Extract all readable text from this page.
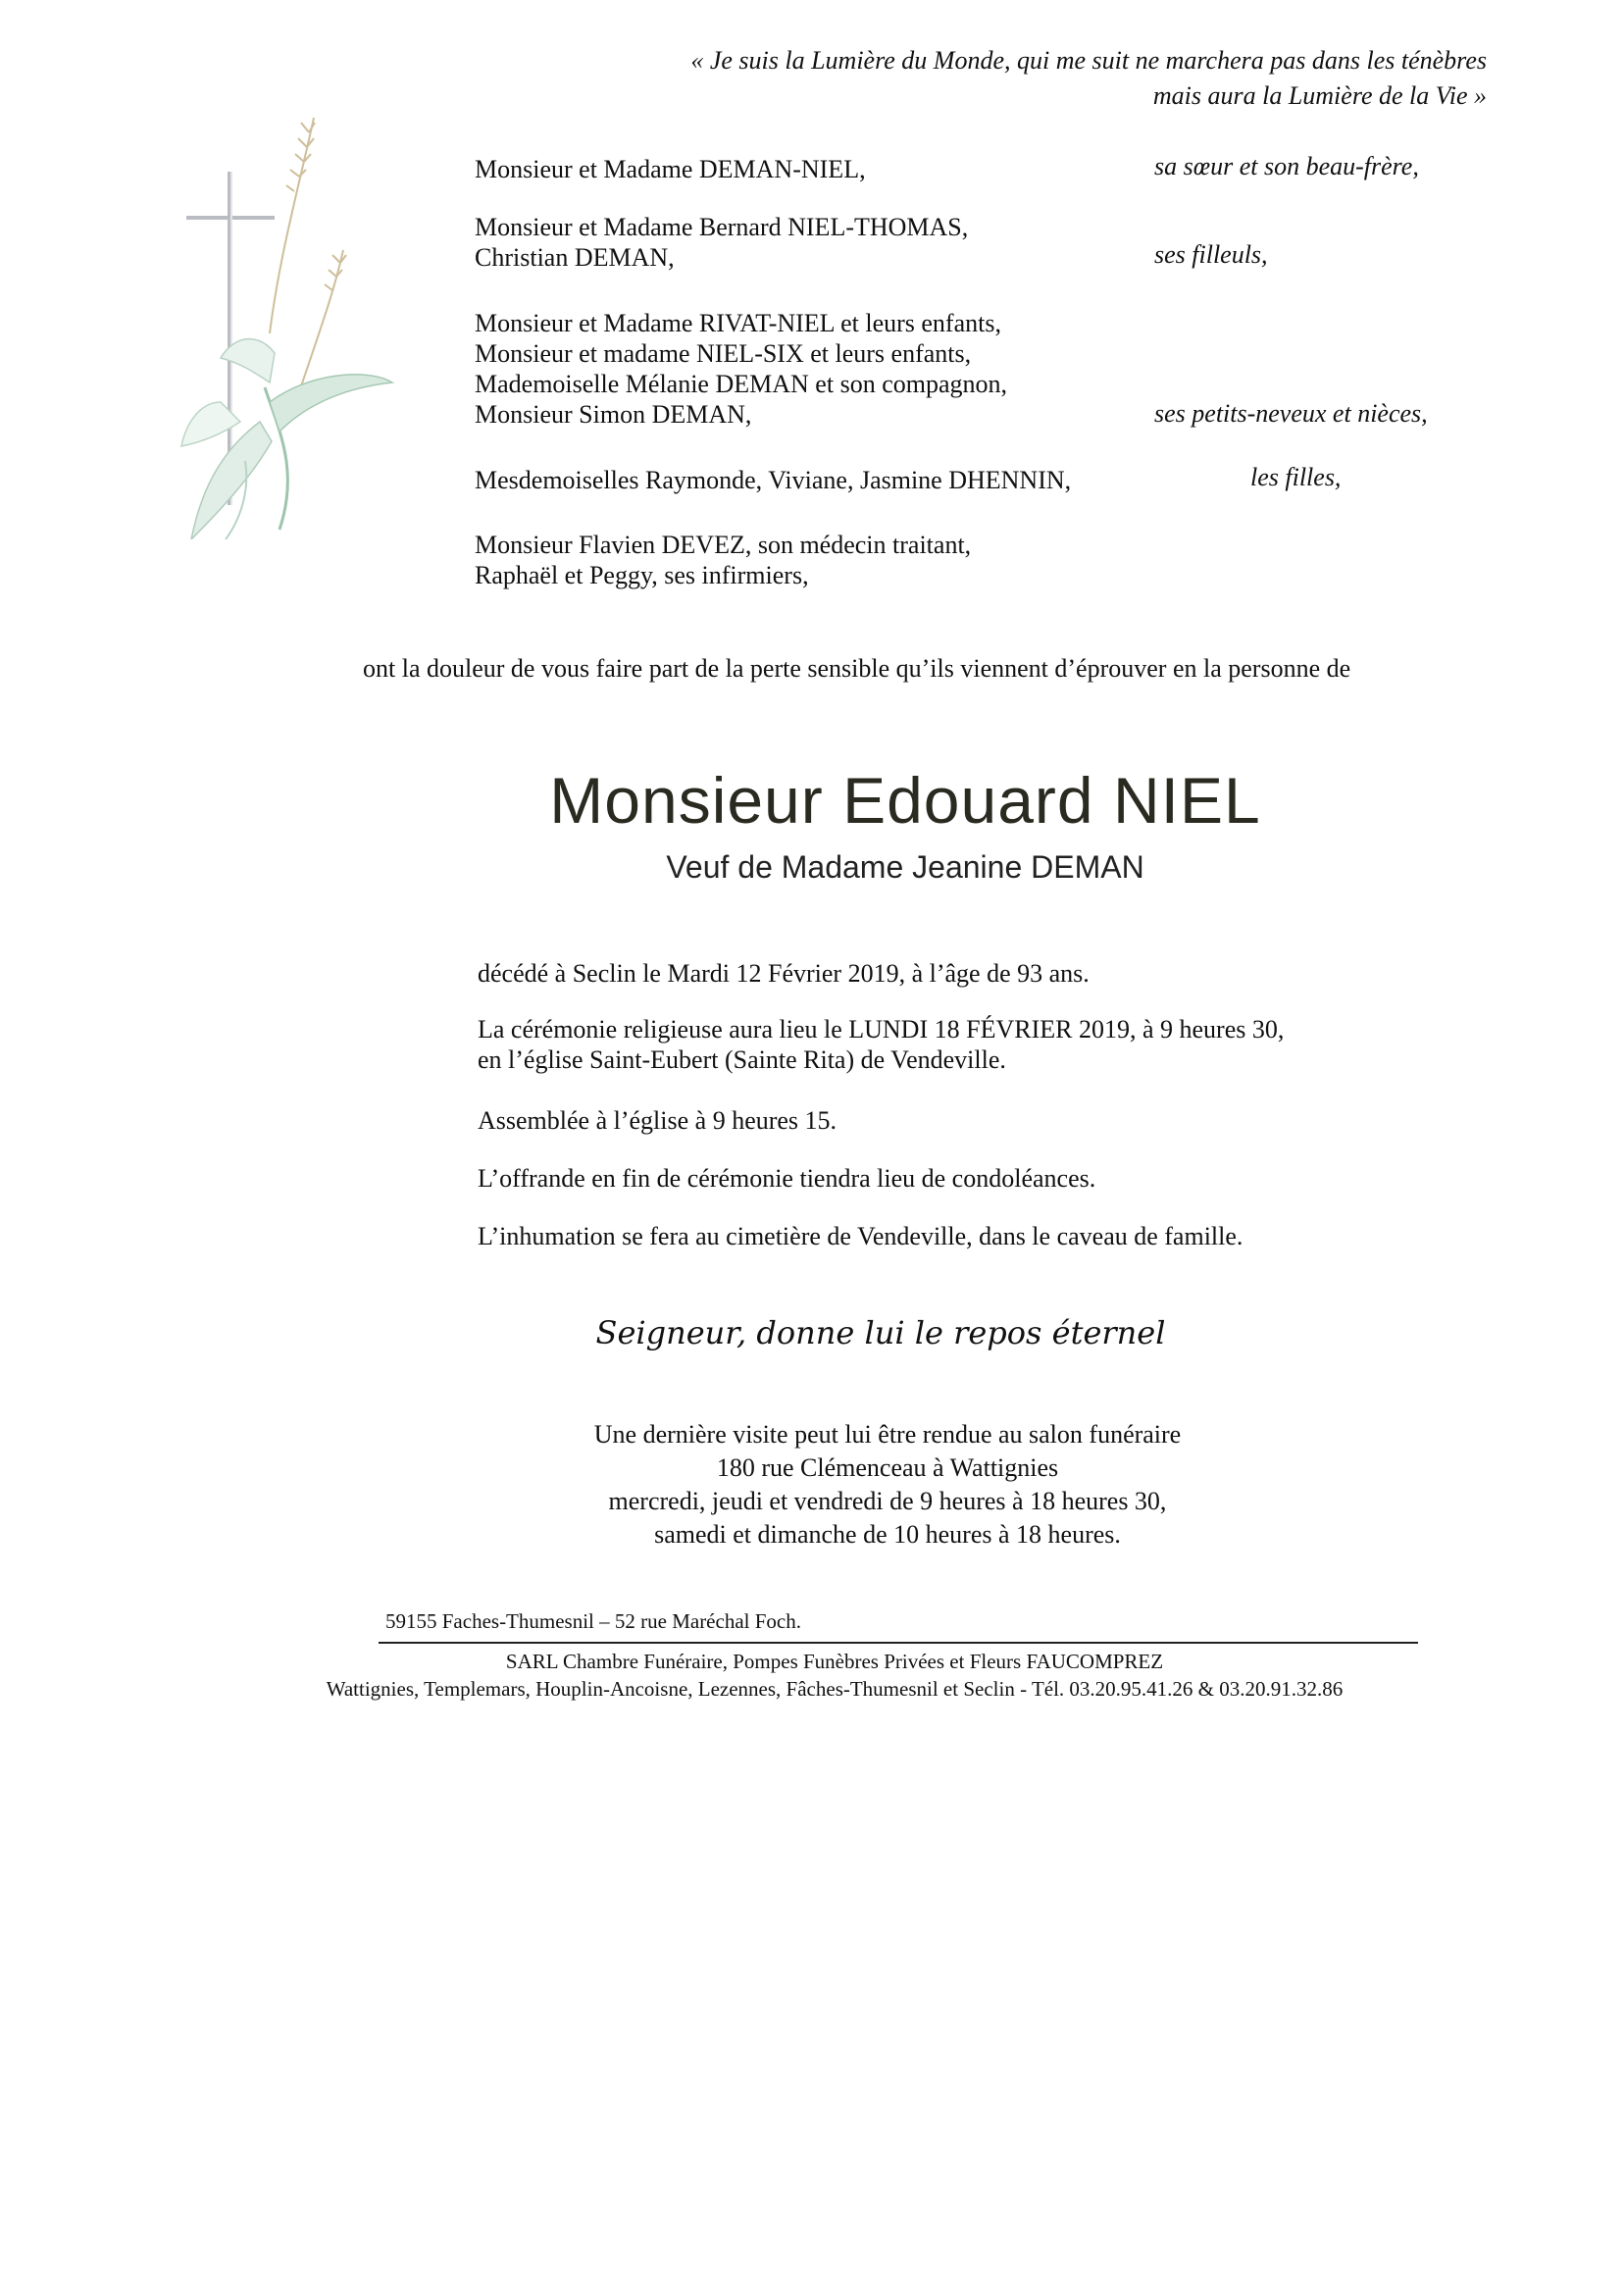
« Je suis la Lumière du Monde, qui me suit ne marchera pas dans les ténèbres
mais aura la Lumière de la Vie »
Monsieur et Madame DEMAN-NIEL,	sa sœur et son beau-frère,
Monsieur et Madame Bernard NIEL-THOMAS,
Christian DEMAN,	ses filleuls,
Monsieur et Madame RIVAT-NIEL et leurs enfants,
Monsieur et madame NIEL-SIX et leurs enfants,
Mademoiselle Mélanie DEMAN et son compagnon,
Monsieur Simon DEMAN,	ses petits-neveux et nièces,
Mesdemoiselles Raymonde, Viviane, Jasmine DHENNIN,	les filles,
Monsieur Flavien DEVEZ, son médecin traitant,
Raphaël et Peggy, ses infirmiers,
ont la douleur de vous faire part de la perte sensible qu’ils viennent d’éprouver en la personne de
Monsieur Edouard NIEL
Veuf de Madame Jeanine DEMAN
décédé à Seclin le Mardi 12 Février 2019, à l’âge de 93 ans.
La cérémonie religieuse aura lieu le LUNDI 18 FÉVRIER 2019, à 9 heures 30,
en l’église Saint-Eubert (Sainte Rita) de Vendeville.
Assemblée à l’église à 9 heures 15.
L’offrande en fin de cérémonie tiendra lieu de condoléances.
L’inhumation se fera au cimetière de Vendeville, dans le caveau de famille.
Seigneur, donne lui le repos éternel
Une dernière visite peut lui être rendue au salon funéraire
180 rue Clémenceau à Wattignies
mercredi, jeudi et vendredi de 9 heures à 18 heures 30,
samedi et dimanche de 10 heures à 18 heures.
59155 Faches-Thumesnil – 52 rue Maréchal Foch.
SARL Chambre Funéraire, Pompes Funèbres Privées et Fleurs FAUCOMPREZ
Wattignies, Templemars, Houplin-Ancoisne, Lezennes, Fâches-Thumesnil et Seclin - Tél. 03.20.95.41.26 & 03.20.91.32.86
